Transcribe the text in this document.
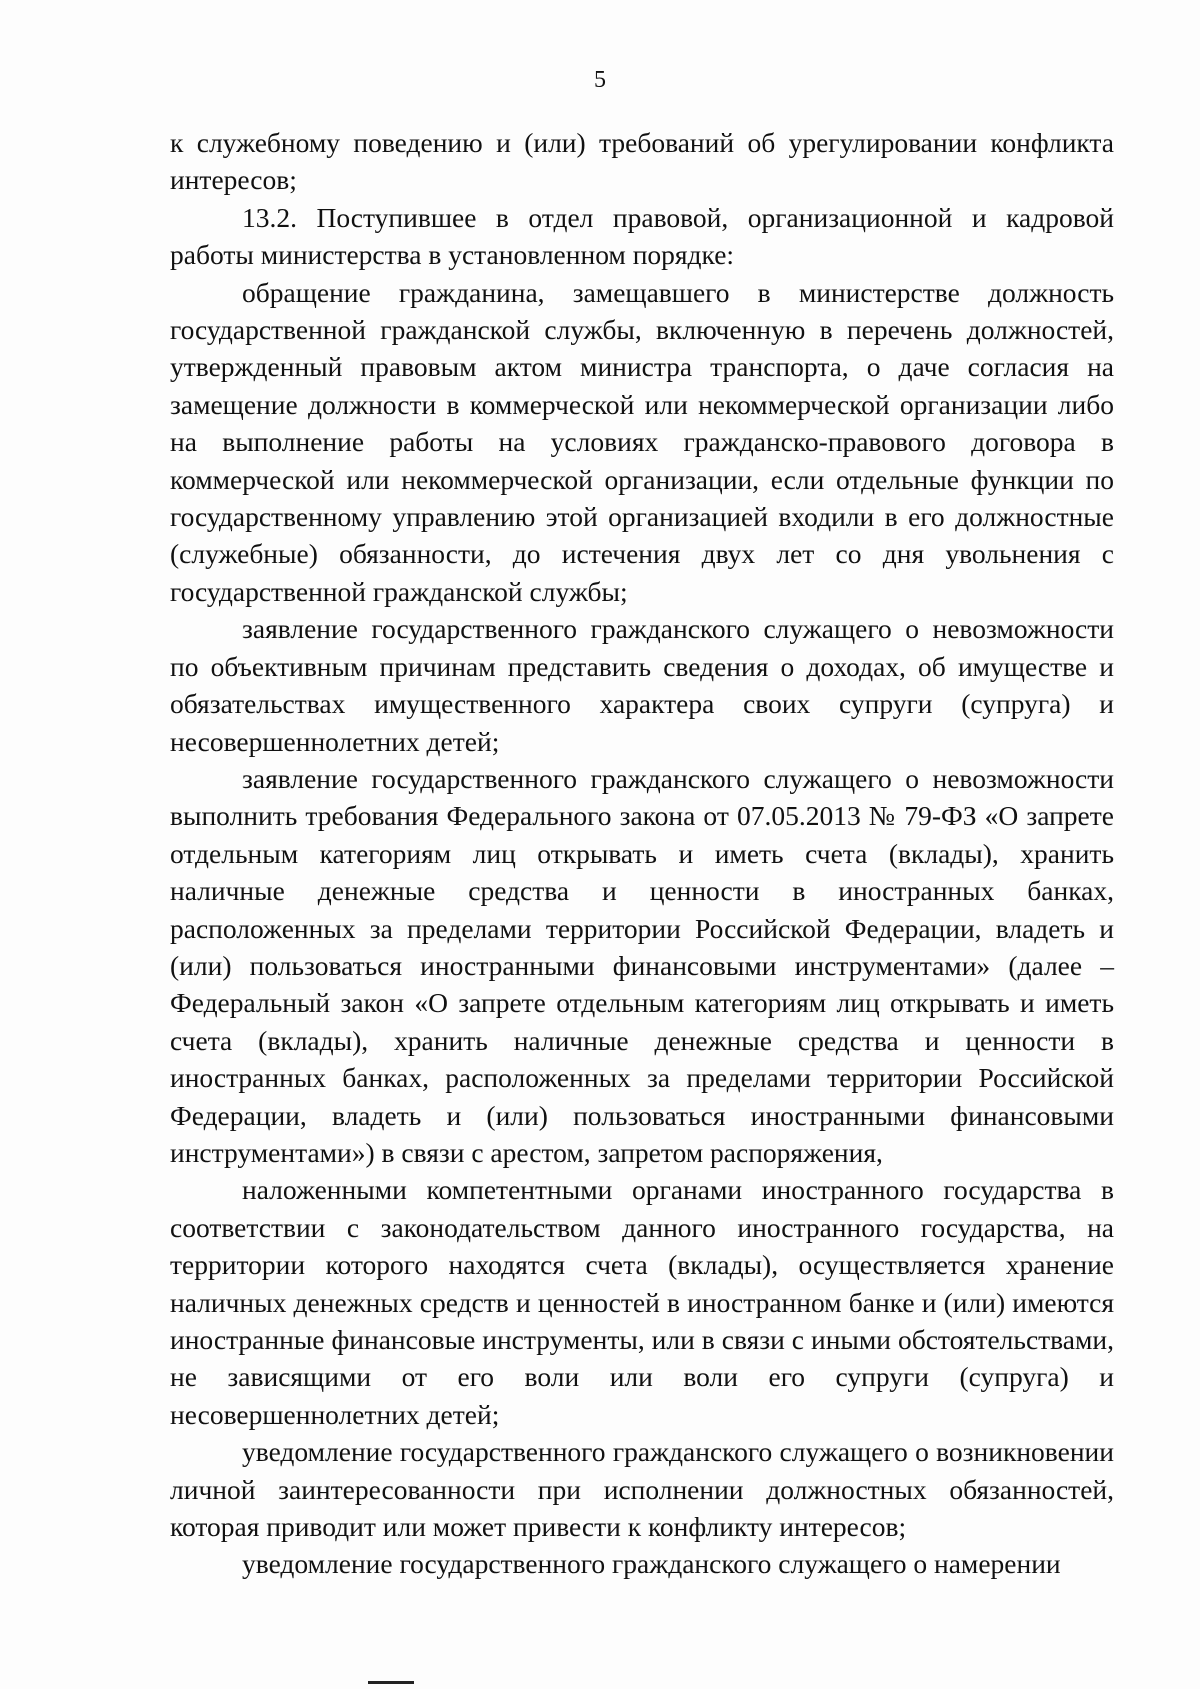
5

к служебному поведению и (или) требований об урегулировании конфликта интересов;

13.2. Поступившее в отдел правовой, организационной и кадровой работы министерства в установленном порядке:

обращение гражданина, замещавшего в министерстве должность государственной гражданской службы, включенную в перечень должностей, утвержденный правовым актом министра транспорта, о даче согласия на замещение должности в коммерческой или некоммерческой организации либо на выполнение работы на условиях гражданско-правового договора в коммерческой или некоммерческой организации, если отдельные функции по государственному управлению этой организацией входили в его должностные (служебные) обязанности, до истечения двух лет со дня увольнения с государственной гражданской службы;

заявление государственного гражданского служащего о невозможности по объективным причинам представить сведения о доходах, об имуществе и обязательствах имущественного характера своих супруги (супруга) и несовершеннолетних детей;

заявление государственного гражданского служащего о невозможности выполнить требования Федерального закона от 07.05.2013 № 79-ФЗ «О запрете отдельным категориям лиц открывать и иметь счета (вклады), хранить наличные денежные средства и ценности в иностранных банках, расположенных за пределами территории Российской Федерации, владеть и (или) пользоваться иностранными финансовыми инструментами» (далее – Федеральный закон «О запрете отдельным категориям лиц открывать и иметь счета (вклады), хранить наличные денежные средства и ценности в иностранных банках, расположенных за пределами территории Российской Федерации, владеть и (или) пользоваться иностранными финансовыми инструментами») в связи с арестом, запретом распоряжения,

наложенными компетентными органами иностранного государства в соответствии с законодательством данного иностранного государства, на территории которого находятся счета (вклады), осуществляется хранение наличных денежных средств и ценностей в иностранном банке и (или) имеются иностранные финансовые инструменты, или в связи с иными обстоятельствами, не зависящими от его воли или воли его супруги (супруга) и несовершеннолетних детей;

уведомление государственного гражданского служащего о возникновении личной заинтересованности при исполнении должностных обязанностей, которая приводит или может привести к конфликту интересов;

уведомление государственного гражданского служащего о намерении
